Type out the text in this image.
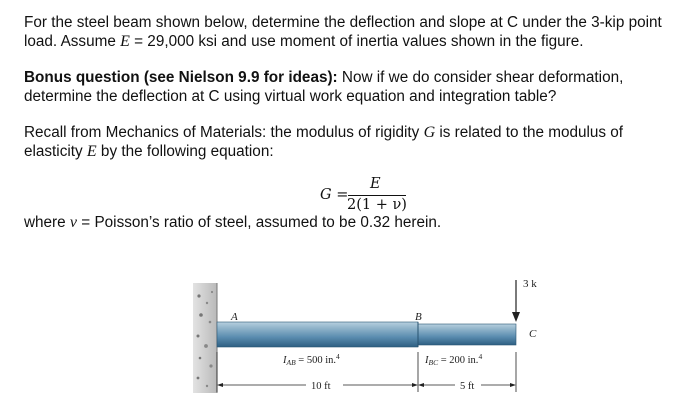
For the steel beam shown below, determine the deflection and slope at C under the 3-kip point
load. Assume E = 29,000 ksi and use moment of inertia values shown in the figure.

Bonus question (see Nielson 9.9 for ideas): Now if we do consider shear deformation,
determine the deflection at C using virtual work equation and integration table?

Recall from Mechanics of Materials: the modulus of rigidity G is related to the modulus of
elasticity E by the following equation:

G =
E
2(1 + ν)
where ν = Poisson’s ratio of steel, assumed to be 0.32 herein.
A	B
C
3 k
IAB = 500 in.$^4$	IBC = 200 in.$^4$
10 ft	5 ft
